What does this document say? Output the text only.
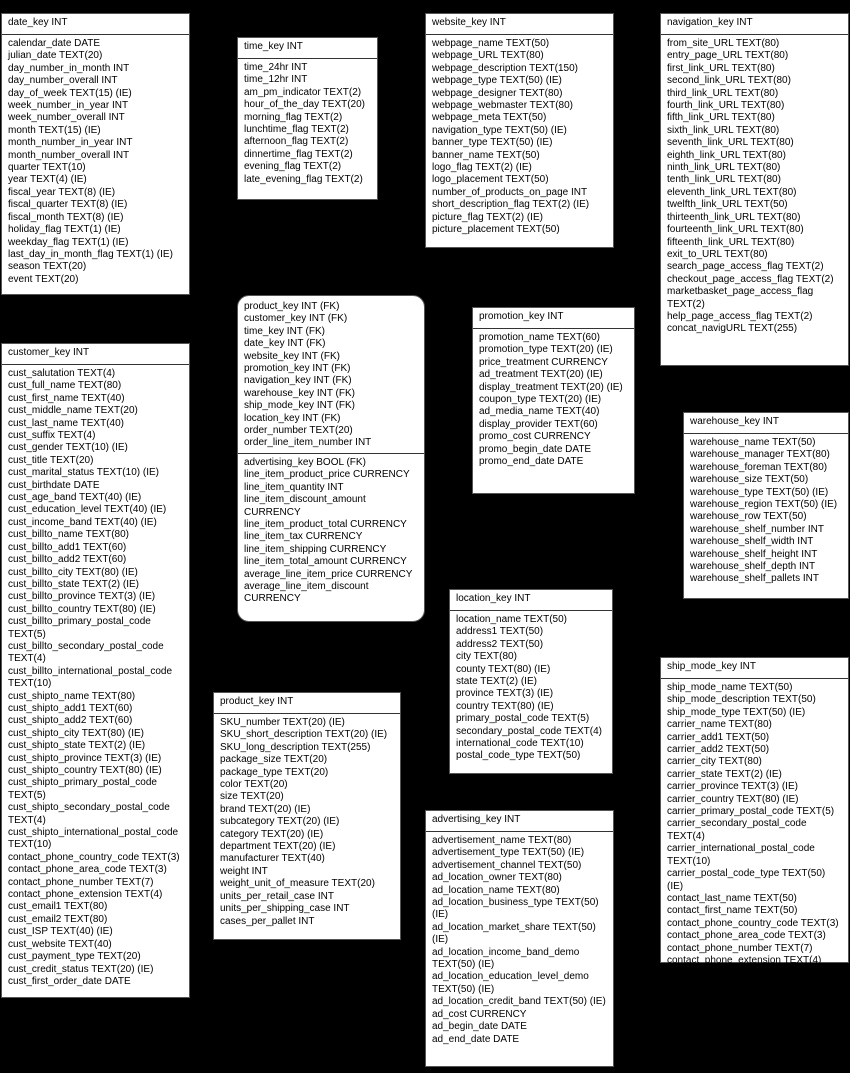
date_key INT
calendar_date DATE
julian_date TEXT(20)
day_number_in_month INT
day_number_overall INT
day_of_week TEXT(15) (IE)
week_number_in_year INT
week_number_overall INT
month TEXT(15) (IE)
month_number_in_year INT
month_number_overall INT
quarter TEXT(10)
year TEXT(4) (IE)
fiscal_year TEXT(8) (IE)
fiscal_quarter TEXT(8) (IE)
fiscal_month TEXT(8) (IE)
holiday_flag TEXT(1) (IE)
weekday_flag TEXT(1) (IE)
last_day_in_month_flag TEXT(1) (IE)
season TEXT(20)
event TEXT(20)
time_key INT
time_24hr INT
time_12hr INT
am_pm_indicator TEXT(2)
hour_of_the_day TEXT(20)
morning_flag TEXT(2)
lunchtime_flag TEXT(2)
afternoon_flag TEXT(2)
dinnertime_flag TEXT(2)
evening_flag TEXT(2)
late_evening_flag TEXT(2)
website_key INT
webpage_name TEXT(50)
webpage_URL TEXT(80)
webpage_description TEXT(150)
webpage_type TEXT(50) (IE)
webpage_designer TEXT(80)
webpage_webmaster TEXT(80)
webpage_meta TEXT(50)
navigation_type TEXT(50) (IE)
banner_type TEXT(50) (IE)
banner_name TEXT(50)
logo_flag TEXT(2) (IE)
logo_placement TEXT(50)
number_of_products_on_page INT
short_description_flag TEXT(2) (IE)
picture_flag TEXT(2) (IE)
picture_placement TEXT(50)
navigation_key INT
from_site_URL TEXT(80)
entry_page_URL TEXT(80)
first_link_URL TEXT(80)
second_link_URL TEXT(80)
third_link_URL TEXT(80)
fourth_link_URL TEXT(80)
fifth_link_URL TEXT(80)
sixth_link_URL TEXT(80)
seventh_link_URL TEXT(80)
eighth_link_URL TEXT(80)
ninth_link_URL TEXT(80)
tenth_link_URL TEXT(80)
eleventh_link_URL TEXT(80)
twelfth_link_URL TEXT(50)
thirteenth_link_URL TEXT(80)
fourteenth_link_URL TEXT(80)
fifteenth_link_URL TEXT(80)
exit_to_URL TEXT(80)
search_page_access_flag TEXT(2)
checkout_page_access_flag TEXT(2)
marketbasket_page_access_flag TEXT(2)
help_page_access_flag TEXT(2)
concat_navigURL TEXT(255)
customer_key INT
cust_salutation TEXT(4)
cust_full_name TEXT(80)
cust_first_name TEXT(40)
cust_middle_name TEXT(20)
cust_last_name TEXT(40)
cust_suffix TEXT(4)
cust_gender TEXT(10) (IE)
cust_title TEXT(20)
cust_marital_status TEXT(10) (IE)
cust_birthdate DATE
cust_age_band TEXT(40) (IE)
cust_education_level TEXT(40) (IE)
cust_income_band TEXT(40) (IE)
cust_billto_name TEXT(80)
cust_billto_add1 TEXT(60)
cust_billto_add2 TEXT(60)
cust_billto_city TEXT(80) (IE)
cust_billto_state TEXT(2) (IE)
cust_billto_province TEXT(3) (IE)
cust_billto_country TEXT(80) (IE)
cust_billto_primary_postal_code TEXT(5)
cust_billto_secondary_postal_code TEXT(4)
cust_billto_international_postal_code TEXT(10)
cust_shipto_name TEXT(80)
cust_shipto_add1 TEXT(60)
cust_shipto_add2 TEXT(60)
cust_shipto_city TEXT(80) (IE)
cust_shipto_state TEXT(2) (IE)
cust_shipto_province TEXT(3) (IE)
cust_shipto_country TEXT(80) (IE)
cust_shipto_primary_postal_code TEXT(5)
cust_shipto_secondary_postal_code TEXT(4)
cust_shipto_international_postal_code TEXT(10)
contact_phone_country_code TEXT(3)
contact_phone_area_code TEXT(3)
contact_phone_number TEXT(7)
contact_phone_extension TEXT(4)
cust_email1 TEXT(80)
cust_email2 TEXT(80)
cust_ISP TEXT(40) (IE)
cust_website TEXT(40)
cust_payment_type TEXT(20)
cust_credit_status TEXT(20) (IE)
cust_first_order_date DATE
promotion_key INT
promotion_name TEXT(60)
promotion_type TEXT(20) (IE)
price_treatment CURRENCY
ad_treatment TEXT(20) (IE)
display_treatment TEXT(20) (IE)
coupon_type TEXT(20) (IE)
ad_media_name TEXT(40)
display_provider TEXT(60)
promo_cost CURRENCY
promo_begin_date DATE
promo_end_date DATE
warehouse_key INT
warehouse_name TEXT(50)
warehouse_manager TEXT(80)
warehouse_foreman TEXT(80)
warehouse_size TEXT(50)
warehouse_type TEXT(50) (IE)
warehouse_region TEXT(50) (IE)
warehouse_row TEXT(50)
warehouse_shelf_number INT
warehouse_shelf_width INT
warehouse_shelf_height INT
warehouse_shelf_depth INT
warehouse_shelf_pallets INT
location_key INT
location_name TEXT(50)
address1 TEXT(50)
address2 TEXT(50)
city TEXT(80)
county TEXT(80) (IE)
state TEXT(2) (IE)
province TEXT(3) (IE)
country TEXT(80) (IE)
primary_postal_code TEXT(5)
secondary_postal_code TEXT(4)
international_code TEXT(10)
postal_code_type TEXT(50)
ship_mode_key INT
ship_mode_name TEXT(50)
ship_mode_description TEXT(50)
ship_mode_type TEXT(50) (IE)
carrier_name TEXT(80)
carrier_add1 TEXT(50)
carrier_add2 TEXT(50)
carrier_city TEXT(80)
carrier_state TEXT(2) (IE)
carrier_province TEXT(3) (IE)
carrier_country TEXT(80) (IE)
carrier_primary_postal_code TEXT(5)
carrier_secondary_postal_code TEXT(4)
carrier_international_postal_code TEXT(10)
carrier_postal_code_type TEXT(50) (IE)
contact_last_name TEXT(50)
contact_first_name TEXT(50)
contact_phone_country_code TEXT(3)
contact_phone_area_code TEXT(3)
contact_phone_number TEXT(7)
contact_phone_extension TEXT(4)
product_key INT
SKU_number TEXT(20) (IE)
SKU_short_description TEXT(20) (IE)
SKU_long_description TEXT(255)
package_size TEXT(20)
package_type TEXT(20)
color TEXT(20)
size TEXT(20)
brand TEXT(20) (IE)
subcategory TEXT(20) (IE)
category TEXT(20) (IE)
department TEXT(20) (IE)
manufacturer TEXT(40)
weight INT
weight_unit_of_measure TEXT(20)
units_per_retail_case INT
units_per_shipping_case INT
cases_per_pallet INT
advertising_key INT
advertisement_name TEXT(80)
advertisement_type TEXT(50) (IE)
advertisement_channel TEXT(50)
ad_location_owner TEXT(80)
ad_location_name TEXT(80)
ad_location_business_type TEXT(50) (IE)
ad_location_market_share TEXT(50) (IE)
ad_location_income_band_demo TEXT(50) (IE)
ad_location_education_level_demo TEXT(50) (IE)
ad_location_credit_band TEXT(50) (IE)
ad_cost CURRENCY
ad_begin_date DATE
ad_end_date DATE
product_key INT (FK)
customer_key INT (FK)
time_key INT (FK)
date_key INT (FK)
website_key INT (FK)
promotion_key INT (FK)
navigation_key INT (FK)
warehouse_key INT (FK)
ship_mode_key INT (FK)
location_key INT (FK)
order_number TEXT(20)
order_line_item_number INT
advertising_key BOOL (FK)
line_item_product_price CURRENCY
line_item_quantity INT
line_item_discount_amount CURRENCY
line_item_product_total CURRENCY
line_item_tax CURRENCY
line_item_shipping CURRENCY
line_item_total_amount CURRENCY
average_line_item_price CURRENCY
average_line_item_discount CURRENCY
